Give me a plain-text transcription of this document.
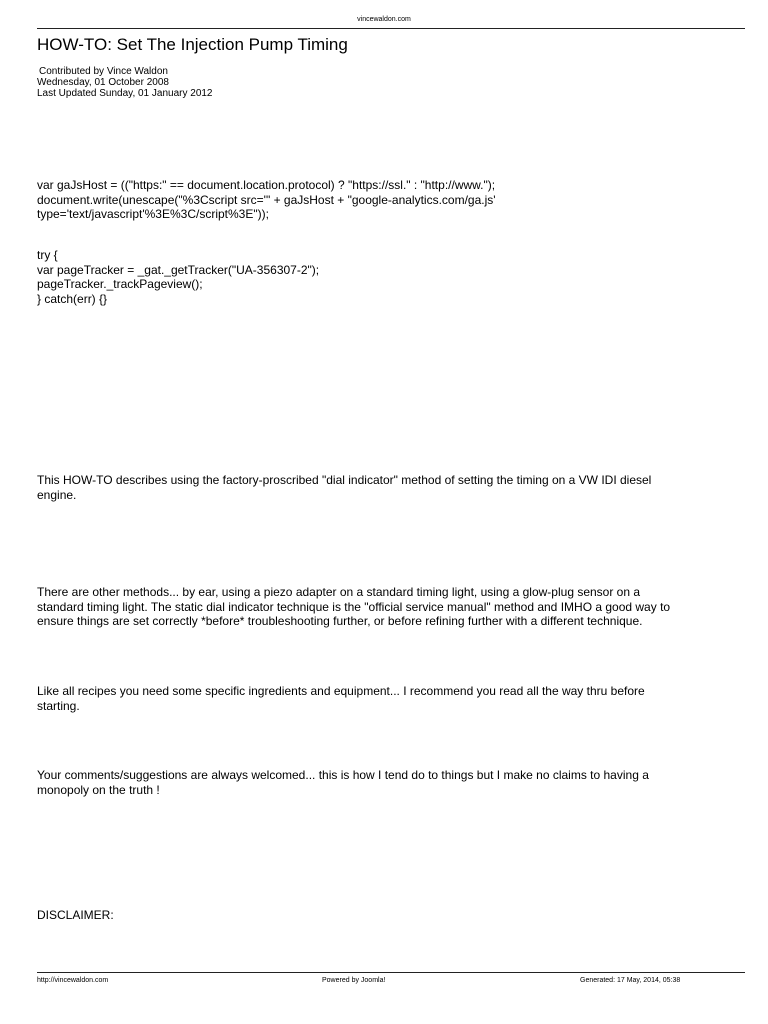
vincewaldon.com
HOW-TO: Set The Injection Pump Timing
Contributed by Vince Waldon
Wednesday, 01 October 2008
Last Updated Sunday, 01 January 2012
var gaJsHost = (("https:" == document.location.protocol) ? "https://ssl." : "http://www.");
document.write(unescape("%3Cscript src='" + gaJsHost + "google-analytics.com/ga.js'
type='text/javascript'%3E%3C/script%3E"));
try {
var pageTracker = _gat._getTracker("UA-356307-2");
pageTracker._trackPageview();
} catch(err) {}
This HOW-TO describes using the factory-proscribed "dial indicator" method of setting the timing on a VW IDI diesel
engine.
There are other methods... by ear, using a piezo adapter on a standard timing light, using a glow-plug sensor on a
standard timing light. The static dial indicator technique is the "official service manual" method and IMHO a good way to
ensure things are set correctly *before* troubleshooting further, or before refining further with a different technique.
Like all recipes you need some specific ingredients and equipment... I recommend you read all the way thru before
starting.
Your comments/suggestions are always welcomed... this is how I tend do to things but I make no claims to having a
monopoly on the truth !
DISCLAIMER:
http://vincewaldon.com	Powered by Joomla!	Generated: 17 May, 2014, 05:38
